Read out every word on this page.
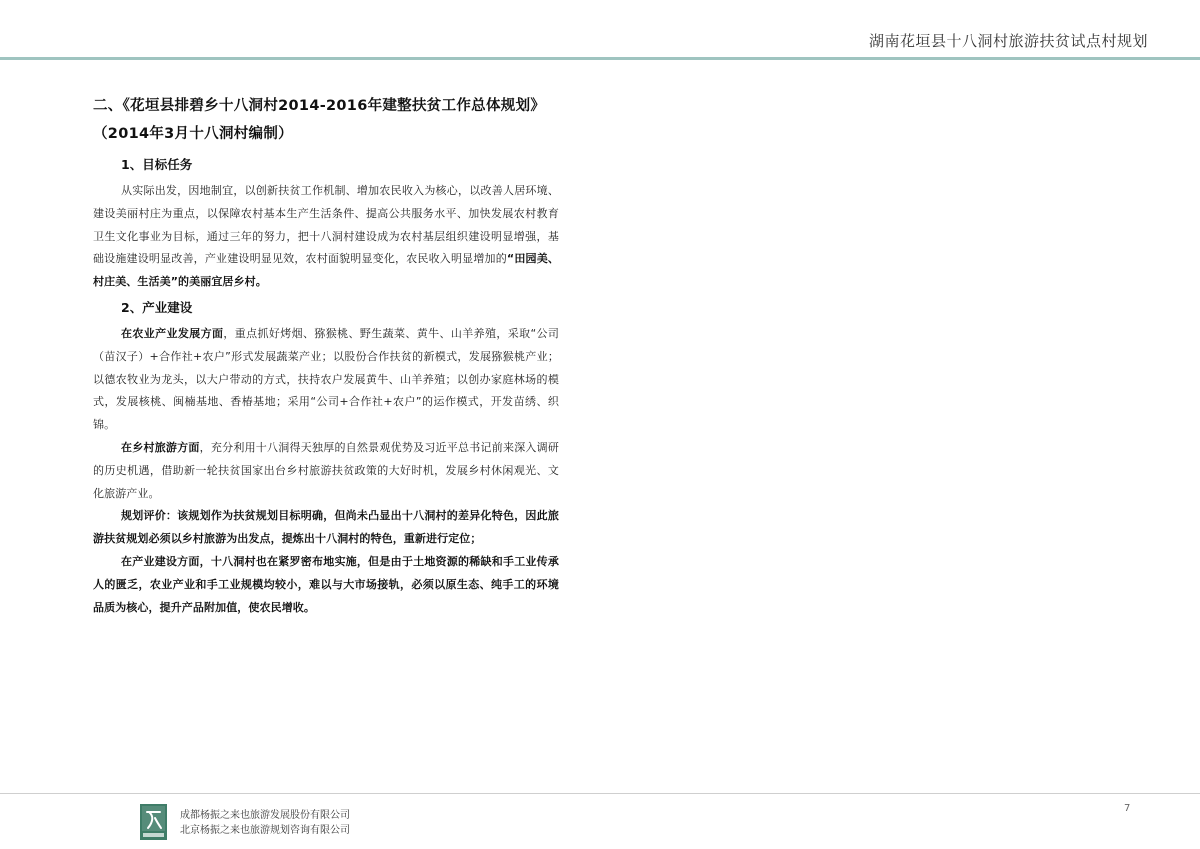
湖南花垣县十八洞村旅游扶贫试点村规划
二、《花垣县排碧乡十八洞村2014-2016年建整扶贫工作总体规划》（2014年3月十八洞村编制）
1、目标任务

从实际出发，因地制宜，以创新扶贫工作机制、增加农民收入为核心，以改善人居环境、建设美丽村庄为重点，以保障农村基本生产生活条件、提高公共服务水平、加快发展农村教育卫生文化事业为目标，通过三年的努力，把十八洞村建设成为农村基层组织建设明显增强，基础设施建设明显改善，产业建设明显见效，农村面貌明显变化，农民收入明显增加的“田园美、村庄美、生活美”的美丽宜居乡村。

2、产业建设

在农业产业发展方面，重点抓好烤烟、猕猴桃、野生蔬菜、黄牛、山羊养殖，采取“公司（苗汉子）+合作社+农户”形式发展蔬菜产业；以股份合作扶贫的新模式，发展猕猴桃产业；以德农牧业为龙头，以大户带动的方式，扶持农户发展黄牛、山羊养殖；以创办家庭林场的模式，发展核桃、闽楠基地、香椿基地；采用“公司+合作社+农户”的运作模式，开发苗绣、织锦。

在乡村旅游方面，充分利用十八洞得天独厚的自然景观优势及习近平总书记前来深入调研的历史机遇，借助新一轮扶贫国家出台乡村旅游扶贫政策的大好时机，发展乡村休闲观光、文化旅游产业。

规划评价：该规划作为扶贫规划目标明确，但尚未凸显出十八洞村的差异化特色，因此旅游扶贫规划必须以乡村旅游为出发点，提炼出十八洞村的特色，重新进行定位；

在产业建设方面，十八洞村也在紧罗密布地实施，但是由于土地资源的稀缺和手工业传承人的匮乏，农业产业和手工业规模均较小，难以与大市场接轨，必须以原生态、纯手工的环境品质为核心，提升产品附加值，使农民增收。

成都杨振之来也旅游发展股份有限公司
北京杨振之来也旅游规划咨询有限公司
7
